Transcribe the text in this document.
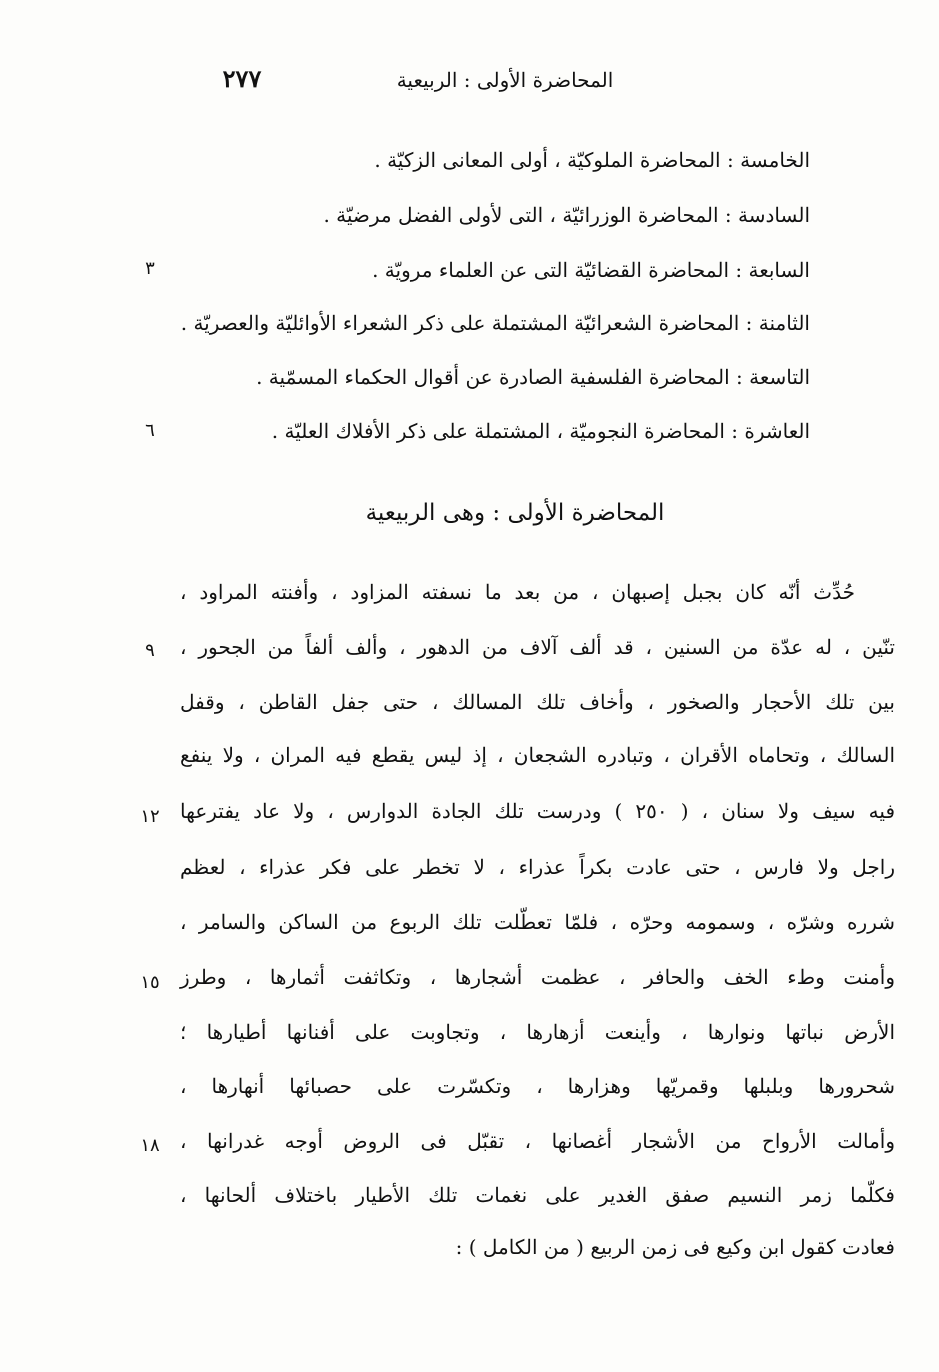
٢٧٧	المحاضرة الأولى : الربيعية
الخامسة : المحاضرة الملوكيّة ، أولى المعانى الزكيّة .
السادسة : المحاضرة الوزرائيّة ، التى لأولى الفضل مرضيّة .
السابعة : المحاضرة القضائيّة التى عن العلماء مرويّة .
الثامنة : المحاضرة الشعرائيّة المشتملة على ذكر الشعراء الأوائليّة والعصريّة .
التاسعة : المحاضرة الفلسفية الصادرة عن أقوال الحكماء المسمّية .
العاشرة : المحاضرة النجوميّة ، المشتملة على ذكر الأفلاك العليّة .
٣
٦
المحاضرة الأولى : وهى الربيعية
حُدِّث أنّه كان بجبل إصبهان ، من بعد ما نسفته المزاود ، وأفنته المراود ،
تنّين ، له عدّة من السنين ، قد ألف آلاف من الدهور ، وألف ألفاً من الجحور ،
بين تلك الأحجار والصخور ، وأخاف تلك المسالك ، حتى جفل القاطن ، وقفل
السالك ، وتحاماه الأقران ، وتبادره الشجعان ، إذ ليس يقطع فيه المران ، ولا ينفع
فيه سيف ولا سنان ، ( ٢٥٠ ) ودرست تلك الجادة الدوارس ، ولا عاد يفترعها
راجل ولا فارس ، حتى عادت بكراً عذراء ، لا تخطر على فكر عذراء ، لعظم
شرره وشرّه ، وسمومه وحرّه ، فلمّا تعطّلت تلك الربوع من الساكن والسامر ،
وأمنت وطء الخف والحافر ، عظمت أشجارها ، وتكاثفت أثمارها ، وطرز
الأرض نباتها ونوارها ، وأينعت أزهارها ، وتجاوبت على أفنانها أطيارها ؛
شحرورها وبلبلها وقمريّها وهزارها ، وتكسّرت على حصبائها أنهارها ،
وأمالت الأرواح من الأشجار أغصانها ، تقبّل فى الروض أوجه غدرانها ،
فكلّما زمر النسيم صفق الغدير على نغمات تلك الأطيار باختلاف ألحانها ،
فعادت كقول ابن وكيع فى زمن الربيع ( من الكامل ) :
٩
١٢
١٥
١٨
